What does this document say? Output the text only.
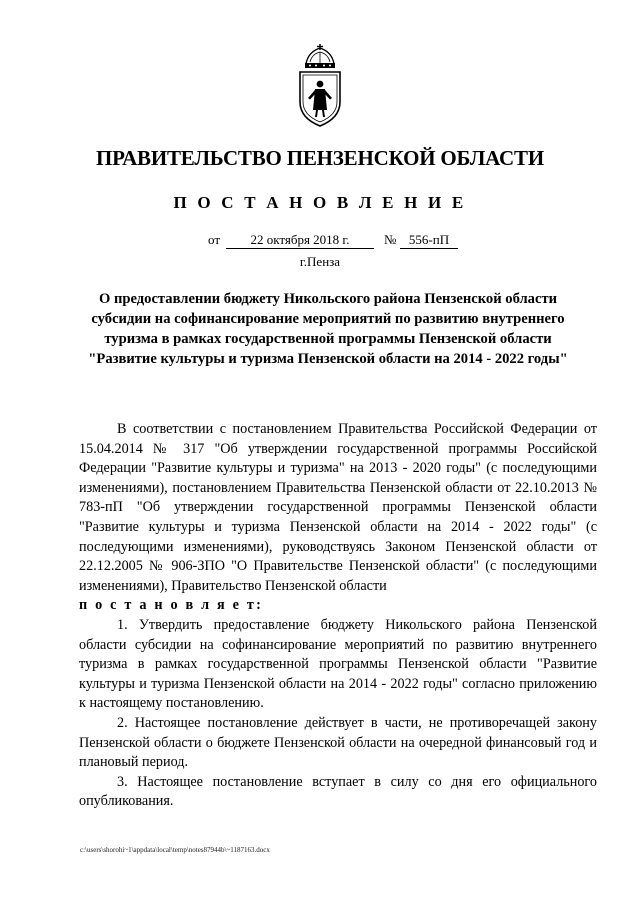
ПРАВИТЕЛЬСТВО ПЕНЗЕНСКОЙ ОБЛАСТИ
П О С Т А Н О В Л Е Н И Е
от	22 октября 2018 г.	№ 556-пП
г.Пенза
О предоставлении бюджету Никольского района Пензенской области субсидии на софинансирование мероприятий по развитию внутреннего туризма в рамках государственной программы Пензенской области "Развитие культуры и туризма Пензенской области на 2014 - 2022 годы"

В соответствии с постановлением Правительства Российской Федерации от 15.04.2014 № 317 "Об утверждении государственной программы Российской Федерации "Развитие культуры и туризма" на 2013 - 2020 годы" (с последующими изменениями), постановлением Правительства Пензенской области от 22.10.2013 № 783-пП "Об утверждении государственной программы Пензенской области "Развитие культуры и туризма Пензенской области на 2014 - 2022 годы" (с последующими изменениями), руководствуясь Законом Пензенской области от 22.12.2005 № 906-ЗПО "О Правительстве Пензенской области" (с последующими изменениями), Правительство Пензенской области

п о с т а н о в л я е т:

1. Утвердить предоставление бюджету Никольского района Пензенской области субсидии на софинансирование мероприятий по развитию внутреннего туризма в рамках государственной программы Пензенской области "Развитие культуры и туризма Пензенской области на 2014 - 2022 годы" согласно приложению к настоящему постановлению.

2. Настоящее постановление действует в части, не противоречащей закону Пензенской области о бюджете Пензенской области на очередной финансовый год и плановый период.

3. Настоящее постановление вступает в силу со дня его официального опубликования.

c:\users\shorohi~1\appdata\local\temp\notes87944b\~1187163.docx
